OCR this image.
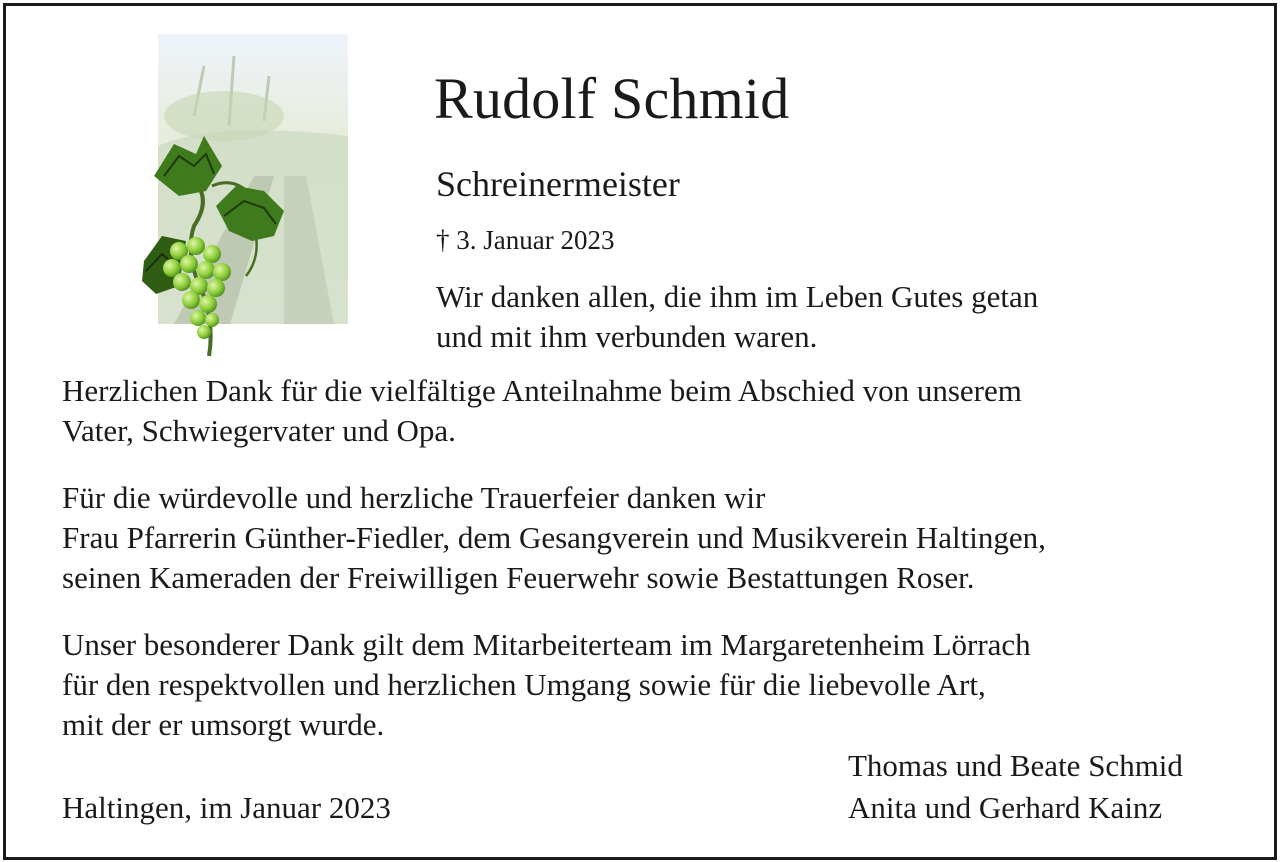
Rudolf Schmid
Schreinermeister
† 3. Januar 2023
Wir danken allen, die ihm im Leben Gutes getan
und mit ihm verbunden waren.
Herzlichen Dank für die vielfältige Anteilnahme beim Abschied von unserem
Vater, Schwiegervater und Opa.
Für die würdevolle und herzliche Trauerfeier danken wir
Frau Pfarrerin Günther-Fiedler, dem Gesangverein und Musikverein Haltingen,
seinen Kameraden der Freiwilligen Feuerwehr sowie Bestattungen Roser.
Unser besonderer Dank gilt dem Mitarbeiterteam im Margaretenheim Lörrach
für den respektvollen und herzlichen Umgang sowie für die liebevolle Art,
mit der er umsorgt wurde.
Thomas und Beate Schmid
Anita und Gerhard Kainz
Haltingen, im Januar 2023
